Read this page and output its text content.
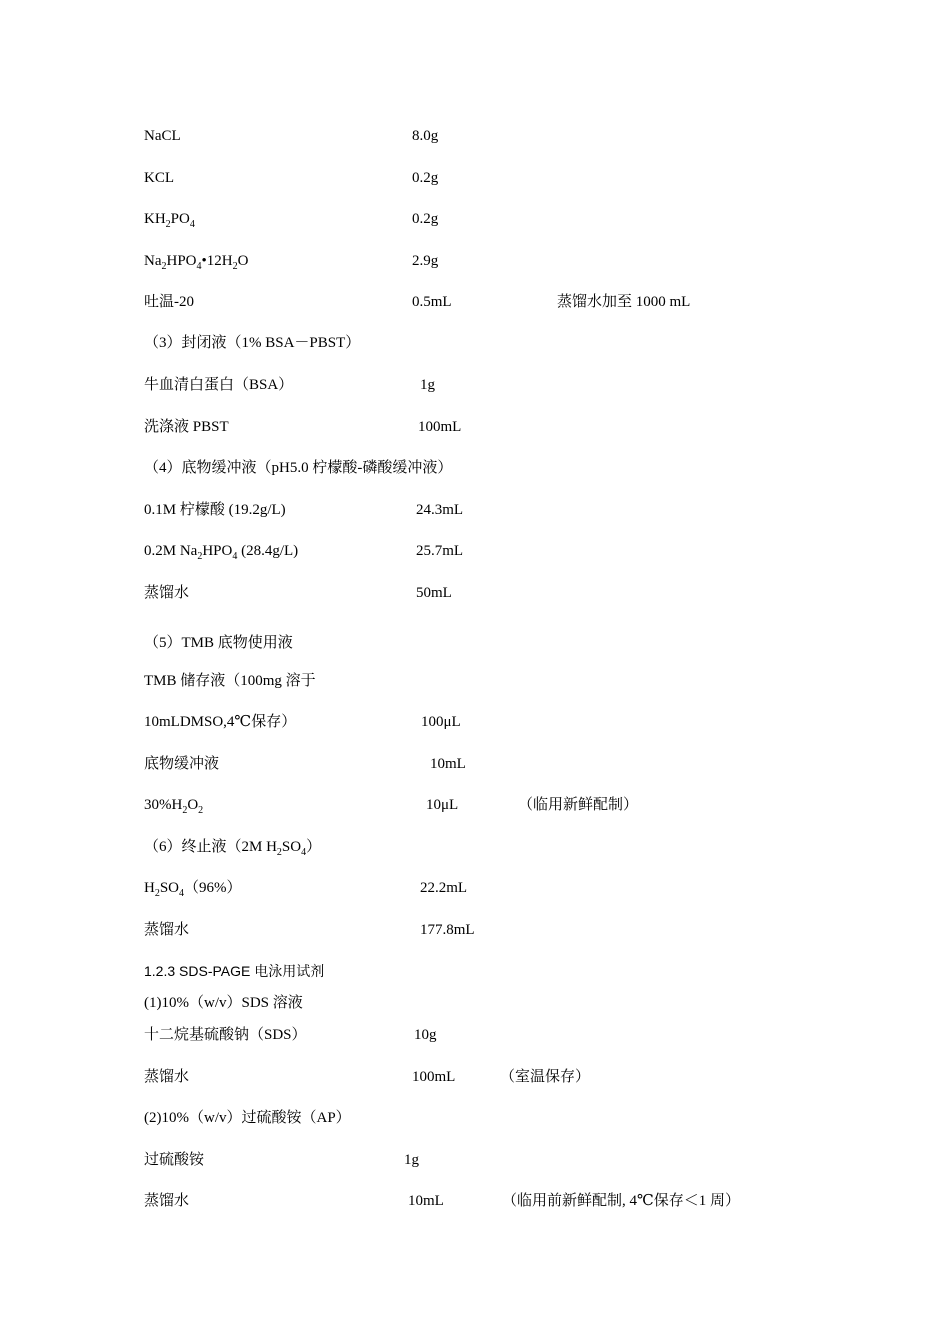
NaCL	8.0g
KCL	0.2g
$KH_2PO_4$	0.2g
$Na_2HPO_4•12H_2O$	2.9g
吐温-20	0.5mL	蒸馏水加至 1000 mL
（3）封闭液（1% BSA－PBST）
牛血清白蛋白（BSA）	1g
洗涤液 PBST	100mL
（4）底物缓冲液（pH5.0 柠檬酸-磷酸缓冲液）
0.1M 柠檬酸 (19.2g/L)	24.3mL
0.2M $Na_2HPO_4$ (28.4g/L)	25.7mL
蒸馏水	50mL
（5）TMB 底物使用液
TMB 储存液（100mg 溶于
10mLDMSO,4℃保存）	100μL
底物缓冲液	10mL
$30\%H_2O_2$	10μL	（临用新鲜配制）
（6）终止液（2M $H_2SO_4$）
$H_2SO_4(96\%)$	22.2mL
蒸馏水	177.8mL
1.2.3 SDS-PAGE 电泳用试剂
(1)10%（w/v）SDS 溶液
十二烷基硫酸钠（SDS）	10g
蒸馏水	100mL	（室温保存）
(2)10%（w/v）过硫酸铵（AP）
过硫酸铵	1g
蒸馏水	10mL	（临用前新鲜配制, 4℃保存＜1 周）
